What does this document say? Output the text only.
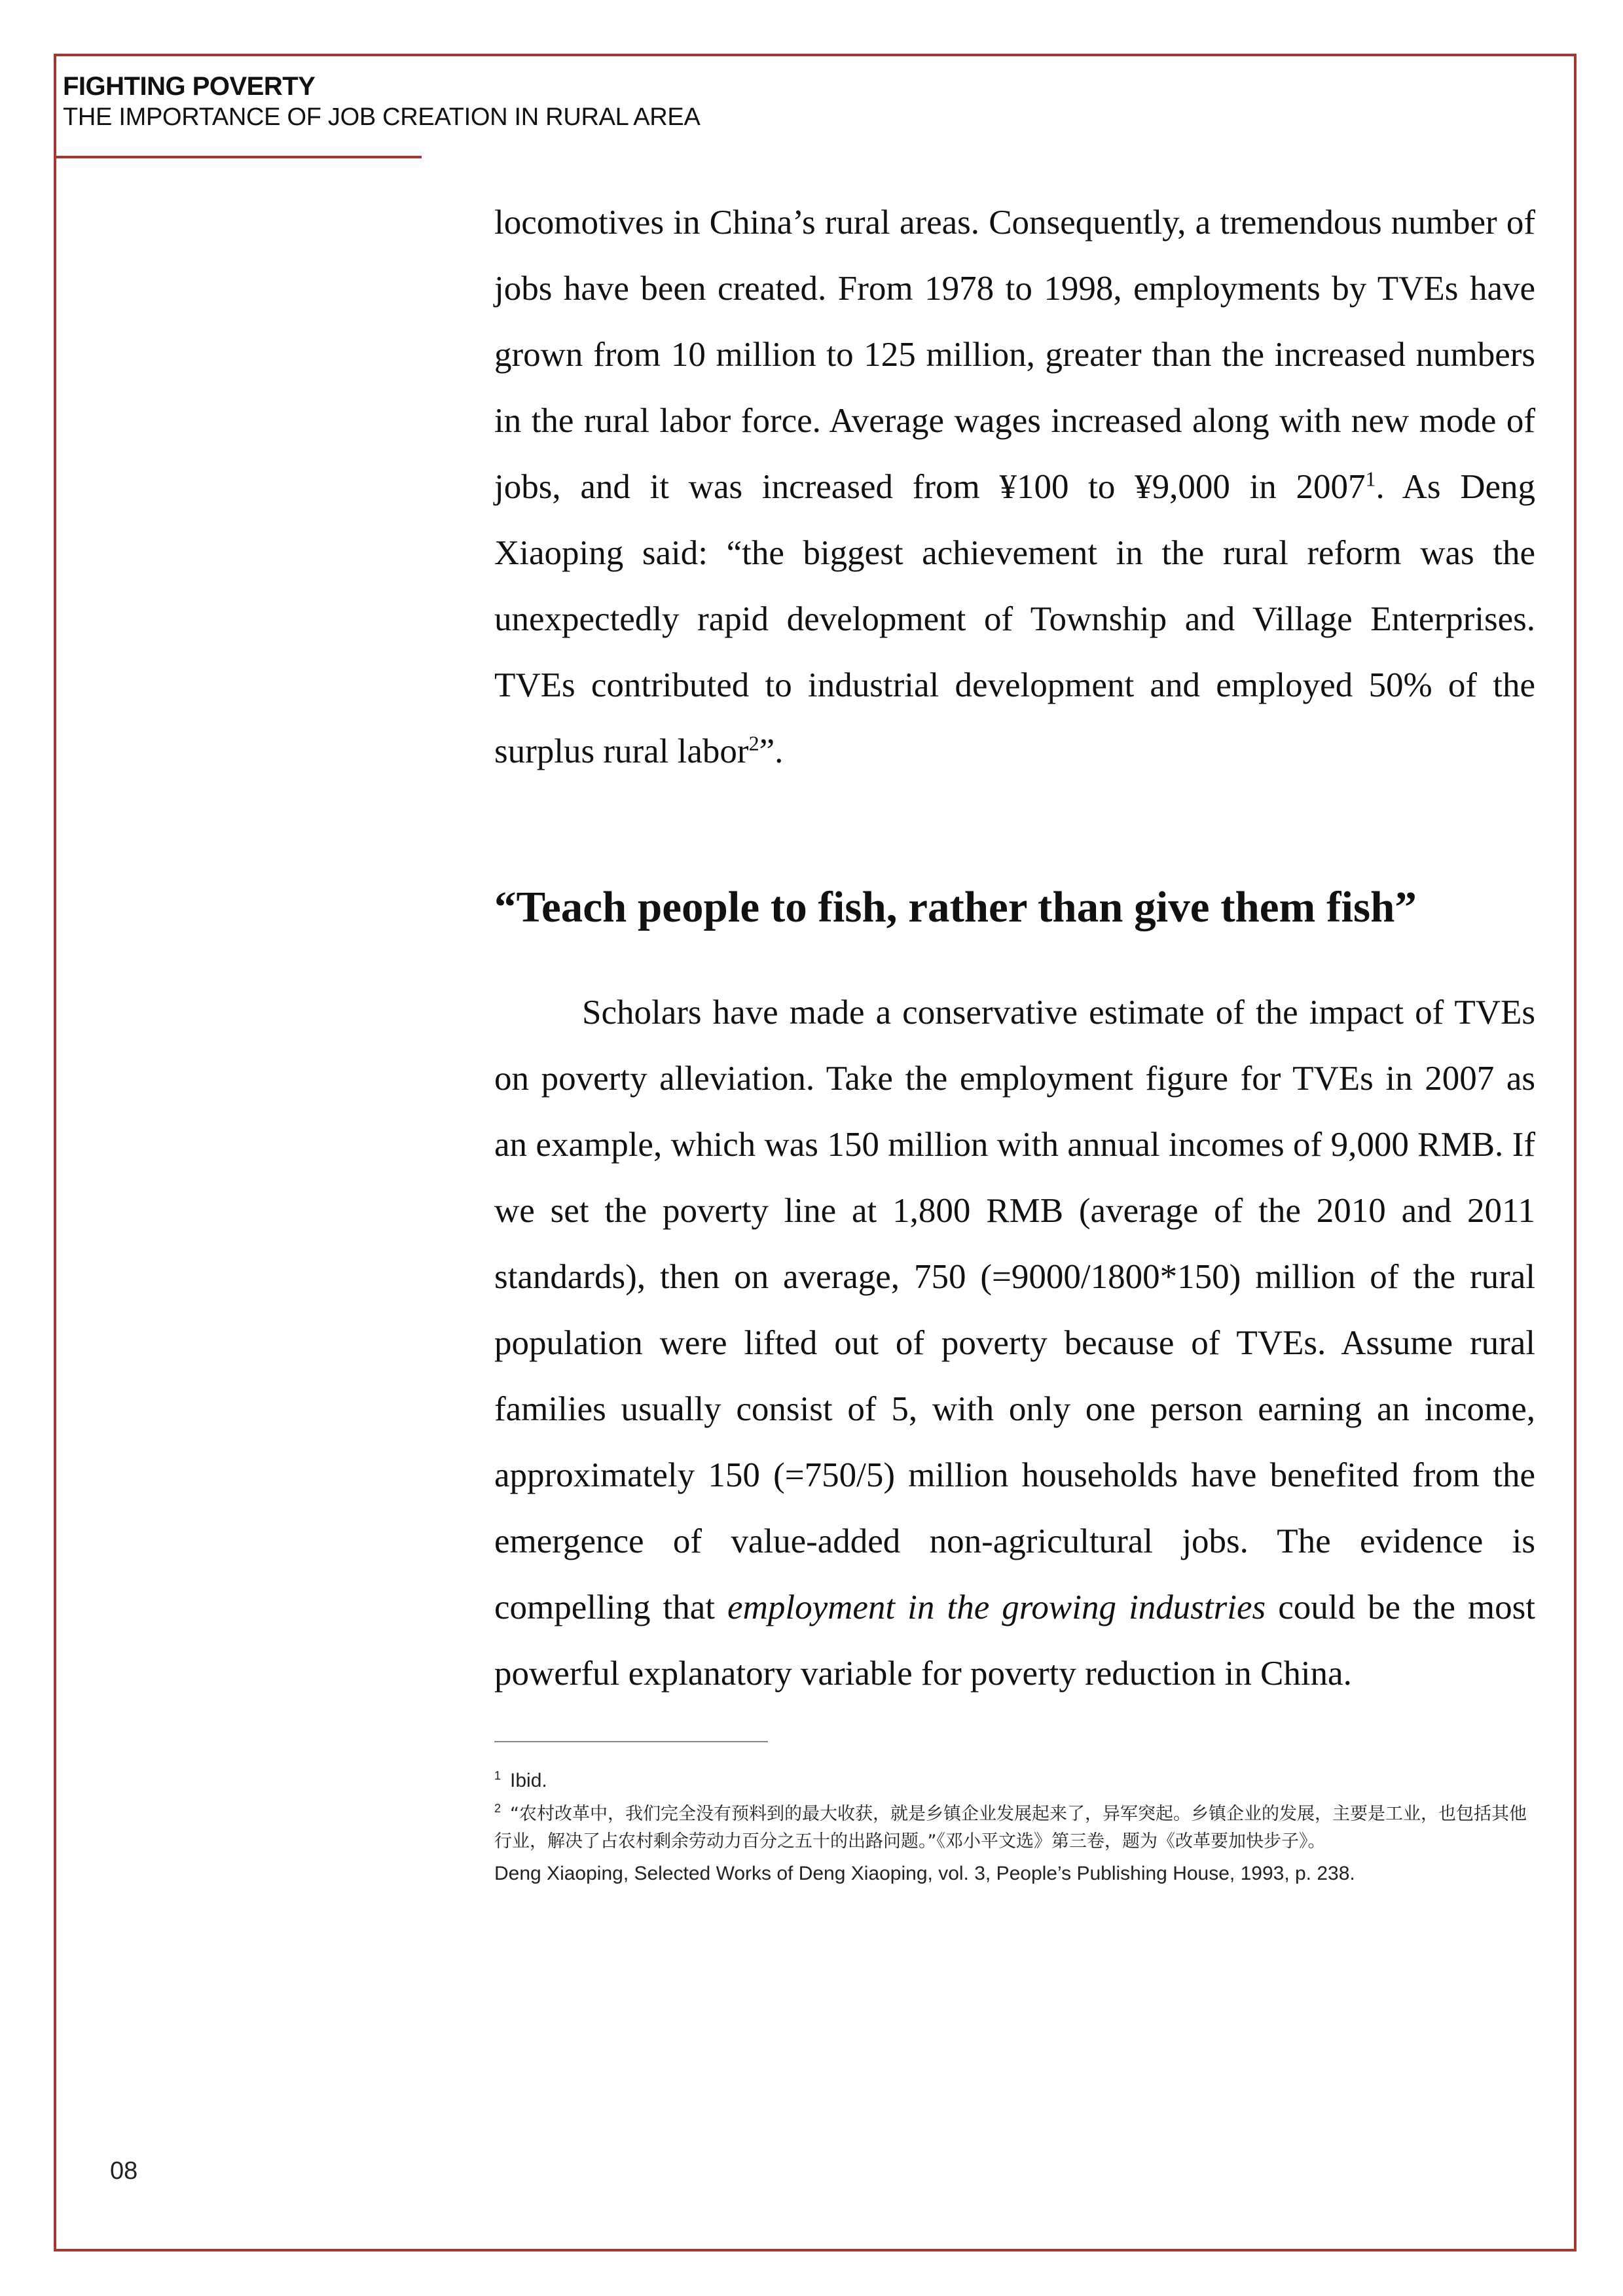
FIGHTING POVERTY
THE IMPORTANCE OF JOB CREATION IN RURAL AREA

locomotives in China’s rural areas. Consequently, a tremendous number of jobs have been created. From 1978 to 1998, employments by TVEs have grown from 10 million to 125 million, greater than the increased numbers in the rural labor force. Average wages increased along with new mode of jobs, and it was increased from ¥100 to ¥9,000 in 2007$^1$. As Deng Xiaoping said: “the biggest achievement in the rural reform was the unexpectedly rapid development of Township and Village Enterprises. TVEs contributed to industrial development and employed 50% of the surplus rural labor$^2$”.

“Teach people to fish, rather than give them fish”

Scholars have made a conservative estimate of the impact of TVEs on poverty alleviation. Take the employment figure for TVEs in 2007 as an example, which was 150 million with annual incomes of 9,000 RMB. If we set the poverty line at 1,800 RMB (average of the 2010 and 2011 standards), then on average, 750 (=9000/1800*150) million of the rural population were lifted out of poverty because of TVEs. Assume rural families usually consist of 5, with only one person earning an income, approximately 150 (=750/5) million households have benefited from the emergence of value-added non-agricultural jobs. The evidence is compelling that employment in the growing industries could be the most powerful explanatory variable for poverty reduction in China.

$^1$ Ibid.

$^2$ “农村改革中，我们完全没有预料到的最大收获，就是乡镇企业发展起来了，异军突起。乡镇企业的发展，主要是工业，也包括其他行业，解决了占农村剩余劳动力百分之五十的出路问题。”《邓小平文选》第三卷，题为《改革要加快步子》。

Deng Xiaoping, Selected Works of Deng Xiaoping, vol. 3, People’s Publishing House, 1993, p. 238.

08
